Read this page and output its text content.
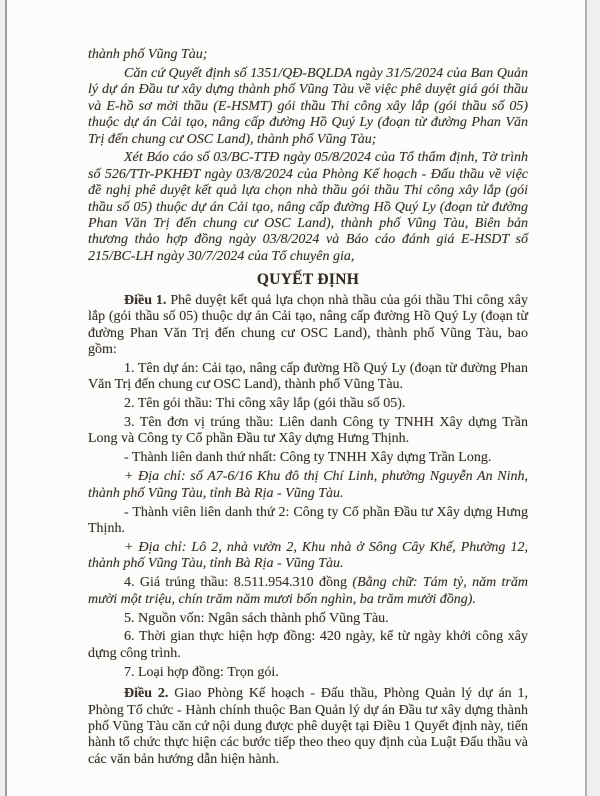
thành phố Vũng Tàu;

Căn cứ Quyết định số 1351/QĐ-BQLDA ngày 31/5/2024 của Ban Quản lý dự án Đầu tư xây dựng thành phố Vũng Tàu về việc phê duyệt giá gói thầu và E-hồ sơ mời thầu (E-HSMT) gói thầu Thi công xây lắp (gói thầu số 05) thuộc dự án Cải tạo, nâng cấp đường Hồ Quý Ly (đoạn từ đường Phan Văn Trị đến chung cư OSC Land), thành phố Vũng Tàu;

Xét Báo cáo số 03/BC-TTĐ ngày 05/8/2024 của Tổ thẩm định, Tờ trình số 526/TTr-PKHĐT ngày 03/8/2024 của Phòng Kế hoạch - Đấu thầu về việc đề nghị phê duyệt kết quả lựa chọn nhà thầu gói thầu Thi công xây lắp (gói thầu số 05) thuộc dự án Cải tạo, nâng cấp đường Hồ Quý Ly (đoạn từ đường Phan Văn Trị đến chung cư OSC Land), thành phố Vũng Tàu, Biên bản thương thảo hợp đồng ngày 03/8/2024 và Báo cáo đánh giá E-HSDT số 215/BC-LH ngày 30/7/2024 của Tổ chuyên gia,

QUYẾT ĐỊNH

Điều 1. Phê duyệt kết quả lựa chọn nhà thầu của gói thầu Thi công xây lắp (gói thầu số 05) thuộc dự án Cải tạo, nâng cấp đường Hồ Quý Ly (đoạn từ đường Phan Văn Trị đến chung cư OSC Land), thành phố Vũng Tàu, bao gồm:

1. Tên dự án: Cải tạo, nâng cấp đường Hồ Quý Ly (đoạn từ đường Phan Văn Trị đến chung cư OSC Land), thành phố Vũng Tàu.

2. Tên gói thầu: Thi công xây lắp (gói thầu số 05).

3. Tên đơn vị trúng thầu: Liên danh Công ty TNHH Xây dựng Trần Long và Công ty Cổ phần Đầu tư Xây dựng Hưng Thịnh.

- Thành liên danh thứ nhất: Công ty TNHH Xây dựng Trần Long.

+ Địa chỉ: số A7-6/16 Khu đô thị Chí Linh, phường Nguyễn An Ninh, thành phố Vũng Tàu, tỉnh Bà Rịa - Vũng Tàu.

- Thành viên liên danh thứ 2: Công ty Cổ phần Đầu tư Xây dựng Hưng Thịnh.

+ Địa chỉ: Lô 2, nhà vườn 2, Khu nhà ở Sông Cây Khế, Phường 12, thành phố Vũng Tàu, tỉnh Bà Rịa - Vũng Tàu.

4. Giá trúng thầu: 8.511.954.310 đồng (Bằng chữ: Tám tỷ, năm trăm mười một triệu, chín trăm năm mươi bốn nghìn, ba trăm mười đồng).

5. Nguồn vốn: Ngân sách thành phố Vũng Tàu.

6. Thời gian thực hiện hợp đồng: 420 ngày, kể từ ngày khởi công xây dựng công trình.

7. Loại hợp đồng: Trọn gói.

Điều 2. Giao Phòng Kế hoạch - Đấu thầu, Phòng Quản lý dự án 1, Phòng Tổ chức - Hành chính thuộc Ban Quản lý dự án Đầu tư xây dựng thành phố Vũng Tàu căn cứ nội dung được phê duyệt tại Điều 1 Quyết định này, tiến hành tổ chức thực hiện các bước tiếp theo theo quy định của Luật Đấu thầu và các văn bản hướng dẫn hiện hành.
